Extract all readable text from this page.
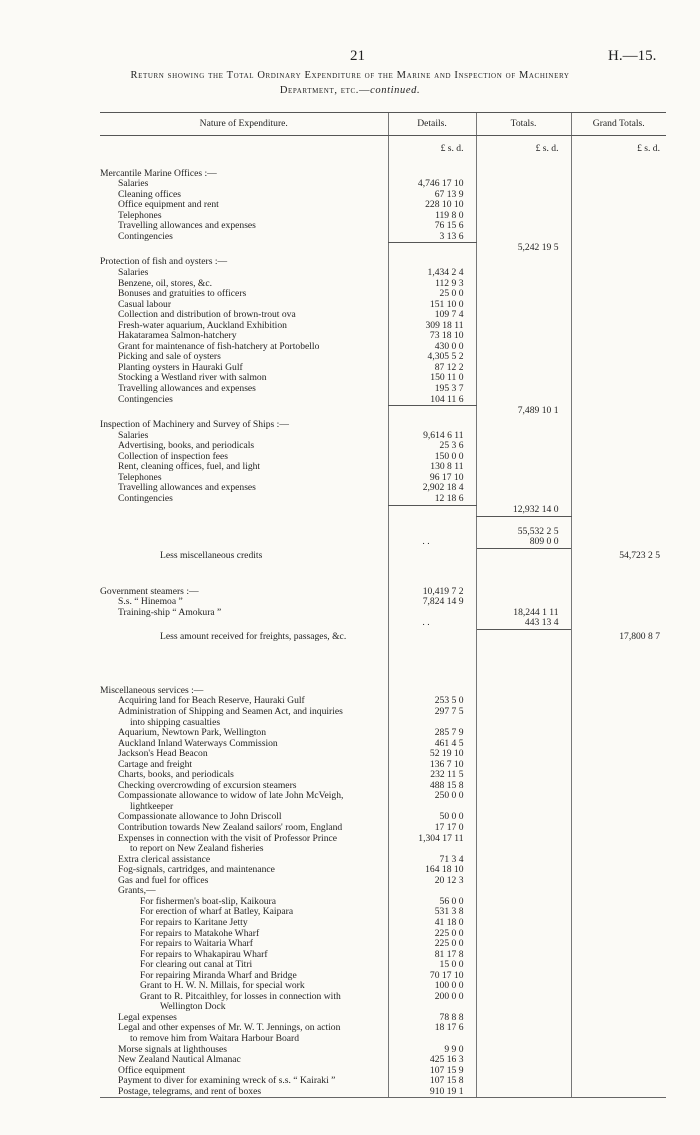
21	H.—15.
Return showing the Total Ordinary Expenditure of the Marine and Inspection of Machinery
Department, etc.—continued.
Nature of Expenditure.	Details.	Totals.	Grand Totals.
	£ s. d.	£ s. d.	£ s. d.

Mercantile Marine Offices :—			
Salaries	4,746 17 10		
Cleaning offices	67 13 9		
Office equipment and rent	228 10 10		
Telephones	119 8 0		
Travelling allowances and expenses	76 15 6		
Contingencies	3 13 6		
		5,242 19 5	
Protection of fish and oysters :—			
Salaries	1,434 2 4		
Benzene, oil, stores, &c.	112 9 3		
Bonuses and gratuities to officers	25 0 0		
Casual labour	151 10 0		
Collection and distribution of brown-trout ova	109 7 4		
Fresh-water aquarium, Auckland Exhibition	309 18 11		
Hakataramea Salmon-hatchery	73 18 10		
Grant for maintenance of fish-hatchery at Portobello	430 0 0		
Picking and sale of oysters	4,305 5 2		
Planting oysters in Hauraki Gulf	87 12 2		
Stocking a Westland river with salmon	150 11 0		
Travelling allowances and expenses	195 3 7		
Contingencies	104 11 6		
		7,489 10 1	
Inspection of Machinery and Survey of Ships :—			
Salaries	9,614 6 11		
Advertising, books, and periodicals	25 3 6		
Collection of inspection fees	150 0 0		
Rent, cleaning offices, fuel, and light	130 8 11		
Telephones	96 17 10		
Travelling allowances and expenses	2,902 18 4		
Contingencies	12 18 6		
		12,932 14 0	

		55,532 2 5	
	. .	809 0 0	
Less miscellaneous credits			54,723 2 5

Government steamers :—	10,419 7 2		
S.s. “ Hinemoa ”	7,824 14 9		
Training-ship “ Amokura ”		18,244 1 11	
	. .	443 13 4	
Less amount received for freights, passages, &c.			17,800 8 7

Miscellaneous services :—			
Acquiring land for Beach Reserve, Hauraki Gulf	253 5 0		
Administration of Shipping and Seamen Act, and inquiries	297 7 5		
into shipping casualties			
Aquarium, Newtown Park, Wellington	285 7 9		
Auckland Inland Waterways Commission	461 4 5		
Jackson's Head Beacon	52 19 10		
Cartage and freight	136 7 10		
Charts, books, and periodicals	232 11 5		
Checking overcrowding of excursion steamers	488 15 8		
Compassionate allowance to widow of late John McVeigh,	250 0 0		
lightkeeper			
Compassionate allowance to John Driscoll	50 0 0		
Contribution towards New Zealand sailors' room, England	17 17 0		
Expenses in connection with the visit of Professor Prince	1,304 17 11		
to report on New Zealand fisheries			
Extra clerical assistance	71 3 4		
Fog-signals, cartridges, and maintenance	164 18 10		
Gas and fuel for offices	20 12 3		
Grants,—			
For fishermen's boat-slip, Kaikoura	56 0 0		
For erection of wharf at Batley, Kaipara	531 3 8		
For repairs to Karitane Jetty	41 18 0		
For repairs to Matakohe Wharf	225 0 0		
For repairs to Waitaria Wharf	225 0 0		
For repairs to Whakapirau Wharf	81 17 8		
For clearing out canal at Titri	15 0 0		
For repairing Miranda Wharf and Bridge	70 17 10		
Grant to H. W. N. Millais, for special work	100 0 0		
Grant to R. Pitcaithley, for losses in connection with	200 0 0		
Wellington Dock			
Legal expenses	78 8 8		
Legal and other expenses of Mr. W. T. Jennings, on action	18 17 6		
to remove him from Waitara Harbour Board			
Morse signals at lighthouses	9 9 0		
New Zealand Nautical Almanac	425 16 3		
Office equipment	107 15 9		
Payment to diver for examining wreck of s.s. “ Kairaki ”	107 15 8		
Postage, telegrams, and rent of boxes	910 19 1		
